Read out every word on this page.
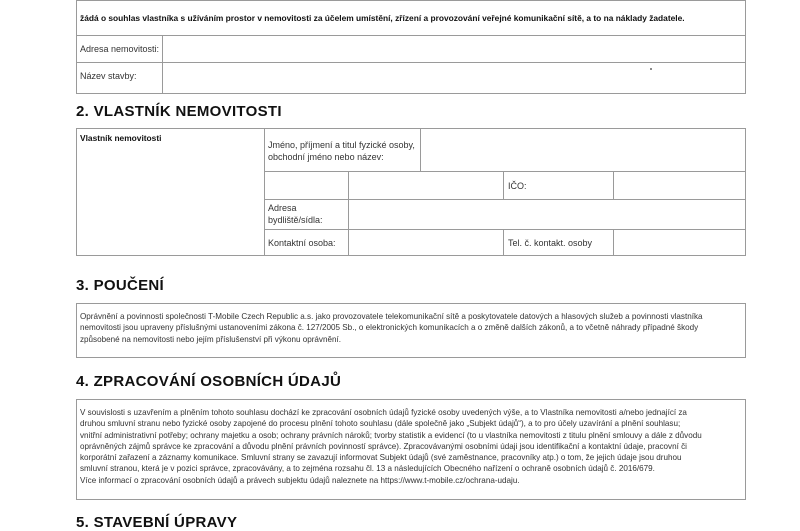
žádá o souhlas vlastníka s užíváním prostor v nemovitosti za účelem umístění, zřízení a provozování veřejné komunikační sítě, a to na náklady žadatele.
Adresa nemovitosti:
Název stavby:
2. VLASTNÍK NEMOVITOSTI
Vlastník nemovitosti
Jméno, příjmení a titul fyzické osoby,
obchodní jméno nebo název:
IČO:
Adresa
bydliště/sídla:
Kontaktní osoba:	Tel. č. kontakt. osoby
3. POUČENÍ
Oprávnění a povinnosti společnosti T-Mobile Czech Republic a.s. jako provozovatele telekomunikační sítě a poskytovatele datových a hlasových služeb a povinnosti vlastníka
nemovitosti jsou upraveny příslušnými ustanoveními zákona č. 127/2005 Sb., o elektronických komunikacích a o změně dalších zákonů, a to včetně náhrady případné škody
způsobené na nemovitosti nebo jejím příslušenství při výkonu oprávnění.
4. ZPRACOVÁNÍ OSOBNÍCH ÚDAJŮ
V souvislosti s uzavřením a plněním tohoto souhlasu dochází ke zpracování osobních údajů fyzické osoby uvedených výše, a to Vlastníka nemovitosti a/nebo jednající za
druhou smluvní stranu nebo fyzické osoby zapojené do procesu plnění tohoto souhlasu (dále společně jako „Subjekt údajů“), a to pro účely uzavírání a plnění souhlasu;
vnitřní administrativní potřeby; ochrany majetku a osob; ochrany právních nároků; tvorby statistik a evidencí (to u vlastníka nemovitosti z titulu plnění smlouvy a dále z důvodu
oprávněných zájmů správce ke zpracování a důvodu plnění právních povinností správce). Zpracovávanými osobními údaji jsou identifikační a kontaktní údaje, pracovní či
korporátní zařazení a záznamy komunikace. Smluvní strany se zavazují informovat Subjekt údajů (své zaměstnance, pracovníky atp.) o tom, že jejich údaje jsou druhou
smluvní stranou, která je v pozici správce, zpracovávány, a to zejména rozsahu čl. 13 a následujících Obecného nařízení o ochraně osobních údajů č. 2016/679.
Více informací o zpracování osobních údajů a právech subjektu údajů naleznete na https://www.t-mobile.cz/ochrana-udaju.
5. STAVEBNÍ ÚPRAVY
